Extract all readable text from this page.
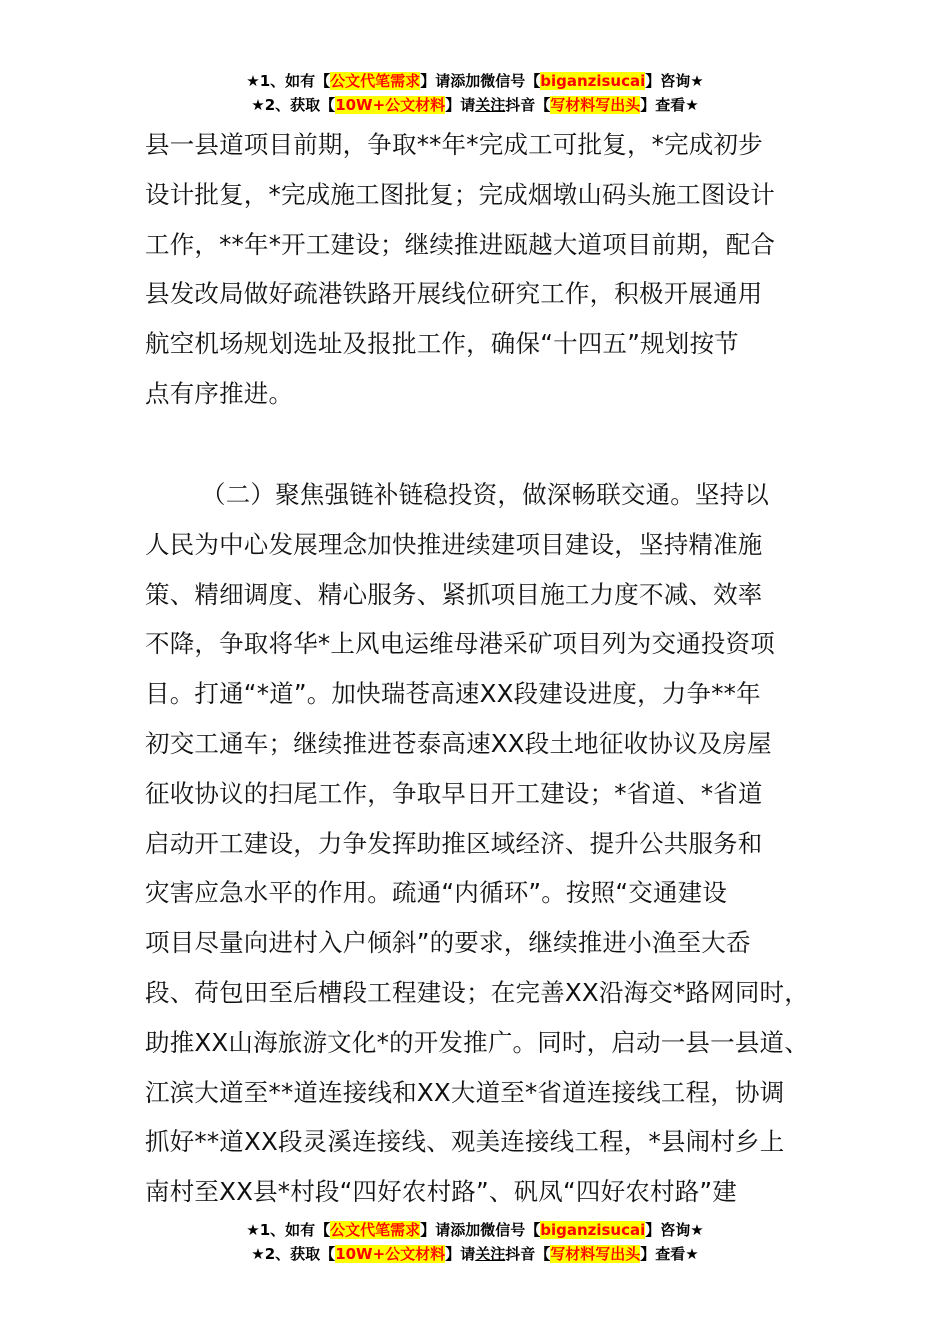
★1、如有【公文代笔需求】请添加微信号【biganzisucai】咨询★
★2、获取【10W+公文材料】请关注抖音【写材料写出头】查看★
县一县道项目前期，争取**年*完成工可批复，*完成初步
设计批复，*完成施工图批复；完成烟墩山码头施工图设计
工作，**年*开工建设；继续推进瓯越大道项目前期，配合
县发改局做好疏港铁路开展线位研究工作，积极开展通用
航空机场规划选址及报批工作，确保“十四五”规划按节
点有序推进。
（二）聚焦强链补链稳投资，做深畅联交通。坚持以
人民为中心发展理念加快推进续建项目建设，坚持精准施
策、精细调度、精心服务、紧抓项目施工力度不减、效率
不降，争取将华*上风电运维母港采矿项目列为交通投资项
目。打通“*道”。加快瑞苍高速XX段建设进度，力争**年
初交工通车；继续推进苍泰高速XX段土地征收协议及房屋
征收协议的扫尾工作，争取早日开工建设；*省道、*省道
启动开工建设，力争发挥助推区域经济、提升公共服务和
灾害应急水平的作用。疏通“内循环”。按照“交通建设
项目尽量向进村入户倾斜”的要求，继续推进小渔至大岙
段、荷包田至后槽段工程建设；在完善XX沿海交*路网同时，
助推XX山海旅游文化*的开发推广。同时，启动一县一县道、
江滨大道至**道连接线和XX大道至*省道连接线工程，协调
抓好**道XX段灵溪连接线、观美连接线工程，*县闹村乡上
南村至XX县*村段“四好农村路”、矾凤“四好农村路”建
★1、如有【公文代笔需求】请添加微信号【biganzisucai】咨询★
★2、获取【10W+公文材料】请关注抖音【写材料写出头】查看★
